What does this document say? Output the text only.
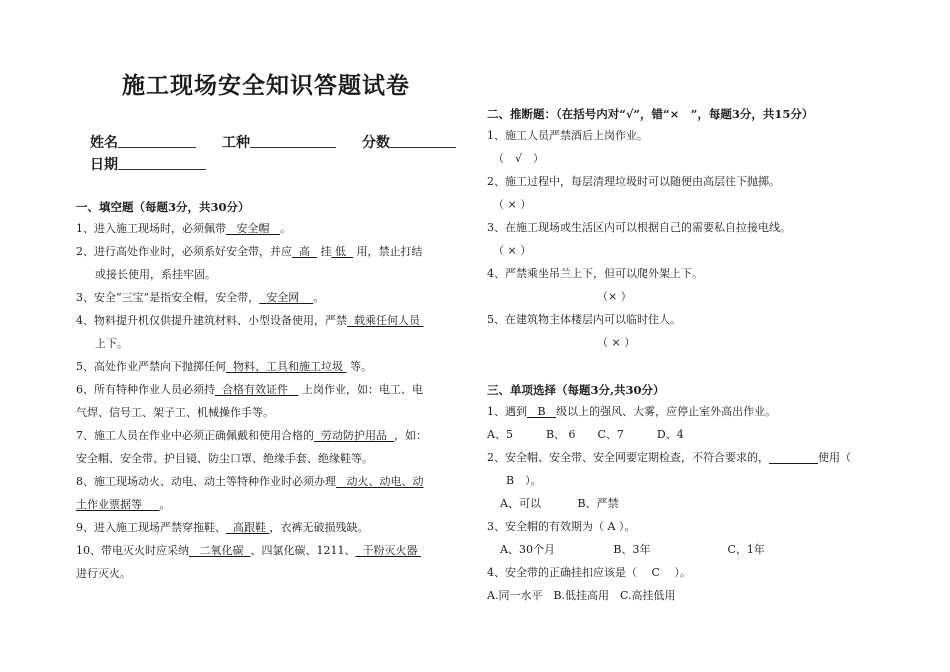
施工现场安全知识答题试卷
姓名	工种	分数
日期

一、填空题（每题3分，共30分）

1、进入施工现场时，必须佩带 安全帽 。

2、进行高处作业时，必须系好安全带，并应 高 挂 低 用，禁止打结

或接长使用，系挂牢固。

3、安全“三宝”是指安全帽，安全带， 安全网 。

4、物料提升机仅供提升建筑材料、小型设备使用，严禁 载乘任何人员

上下。

5、高处作业严禁向下抛掷任何 物料、工具和施工垃圾 等。

6、所有特种作业人员必须持 合格有效证件 上岗作业，如：电工、电

气焊、信号工、架子工、机械操作手等。

7、施工人员在作业中必须正确佩戴和使用合格的 劳动防护用品 ，如：

安全帽、安全带、护目镜、防尘口罩、绝缘手套、绝缘鞋等。

8、施工现场动火、动电、动土等特种作业时必须办理 动火、动电、动

土作业票据等 。

9、进入施工现场严禁穿拖鞋、 高跟鞋 ，衣裤无破损残缺。

10、带电灭火时应采纳 二氧化碳 、四氯化碳、1211、 干粉灭火器

进行灭火。

二、推断题：（在括号内对“√”，错“×　”，每题3分，共15分）

1、施工人员严禁酒后上岗作业。

（　√　）

2、施工过程中，每层清理垃圾时可以随便由高层往下抛掷。

（ × ）

3、在施工现场或生活区内可以根据自己的需要私自拉接电线。

（ × ）

4、严禁乘坐吊兰上下，但可以爬外架上下。

（× ）

5、在建筑物主体楼层内可以临时住人。

（ × ）

三、单项选择（每题3分,共30分）

1、遇到 B 级以上的强风、大雾，应停止室外高出作业。

A、5　　　B、 6　　C、7　　　D、4

2、安全帽、安全带、安全网要定期检查，不符合要求的，	使用（

B　）。

A、可以　　　 B、严禁

3、安全帽的有效期为（ A ）。

A、30个月　　　　　 B、3年　　　　　　　C、1年

4、安全带的正确挂扣应该是（　 C　 ）。

A.同一水平　B.低挂高用　C.高挂低用
